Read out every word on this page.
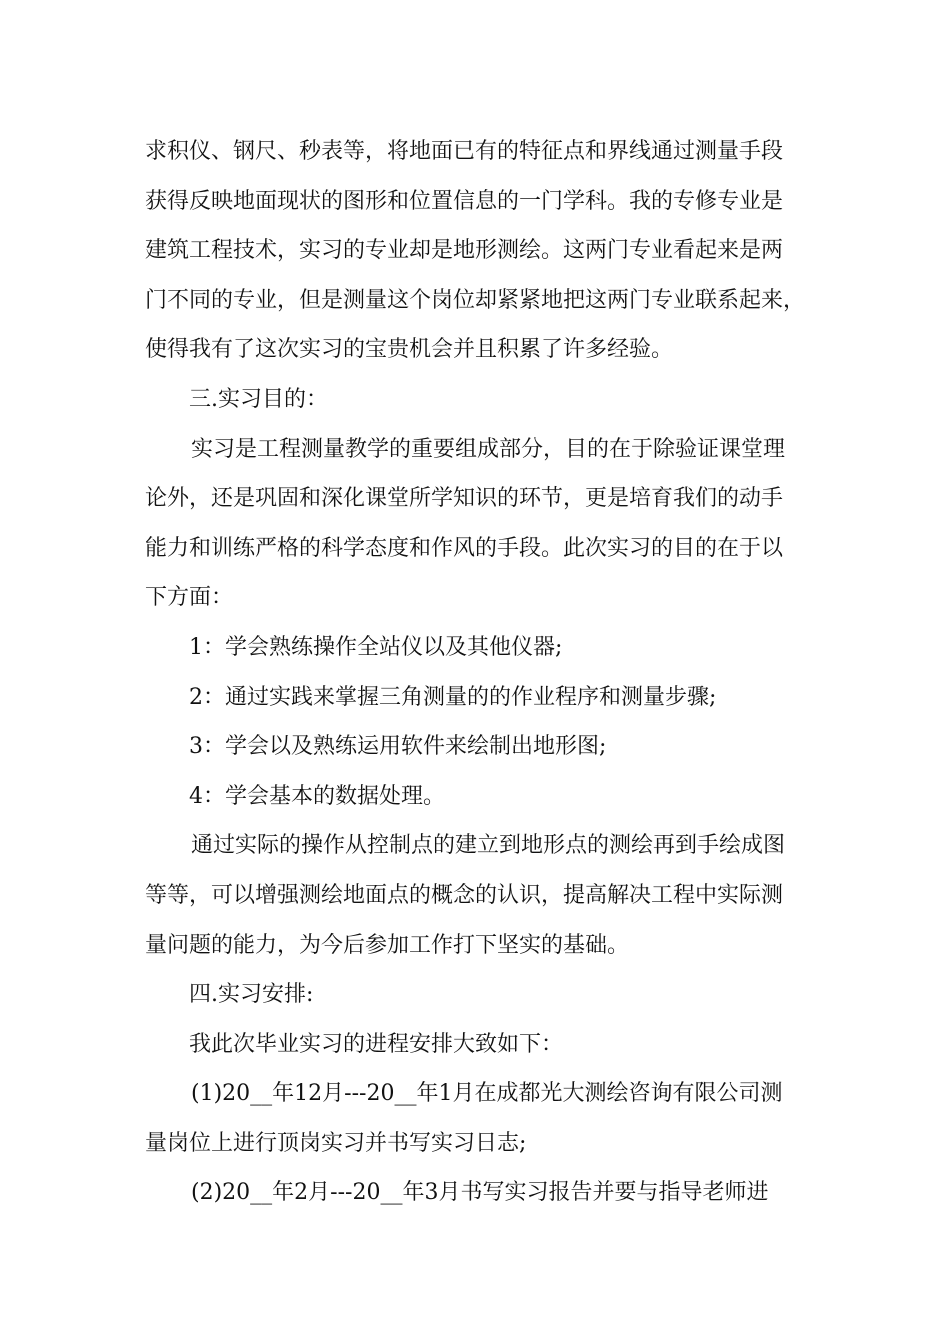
求积仪、钢尺、秒表等，将地面已有的特征点和界线通过测量手段
获得反映地面现状的图形和位置信息的一门学科。我的专修专业是
建筑工程技术，实习的专业却是地形测绘。这两门专业看起来是两
门不同的专业，但是测量这个岗位却紧紧地把这两门专业联系起来，
使得我有了这次实习的宝贵机会并且积累了许多经验。
三.实习目的：
实习是工程测量教学的重要组成部分，目的在于除验证课堂理
论外，还是巩固和深化课堂所学知识的环节，更是培育我们的动手
能力和训练严格的科学态度和作风的手段。此次实习的目的在于以
下方面：
1：学会熟练操作全站仪以及其他仪器;
2：通过实践来掌握三角测量的的作业程序和测量步骤;
3：学会以及熟练运用软件来绘制出地形图;
4：学会基本的数据处理。
通过实际的操作从控制点的建立到地形点的测绘再到手绘成图
等等，可以增强测绘地面点的概念的认识，提高解决工程中实际测
量问题的能力，为今后参加工作打下坚实的基础。
四.实习安排:
我此次毕业实习的进程安排大致如下：
(1)20__年12月---20__年1月在成都光大测绘咨询有限公司测
量岗位上进行顶岗实习并书写实习日志;
(2)20__年2月---20__年3月书写实习报告并要与指导老师进
